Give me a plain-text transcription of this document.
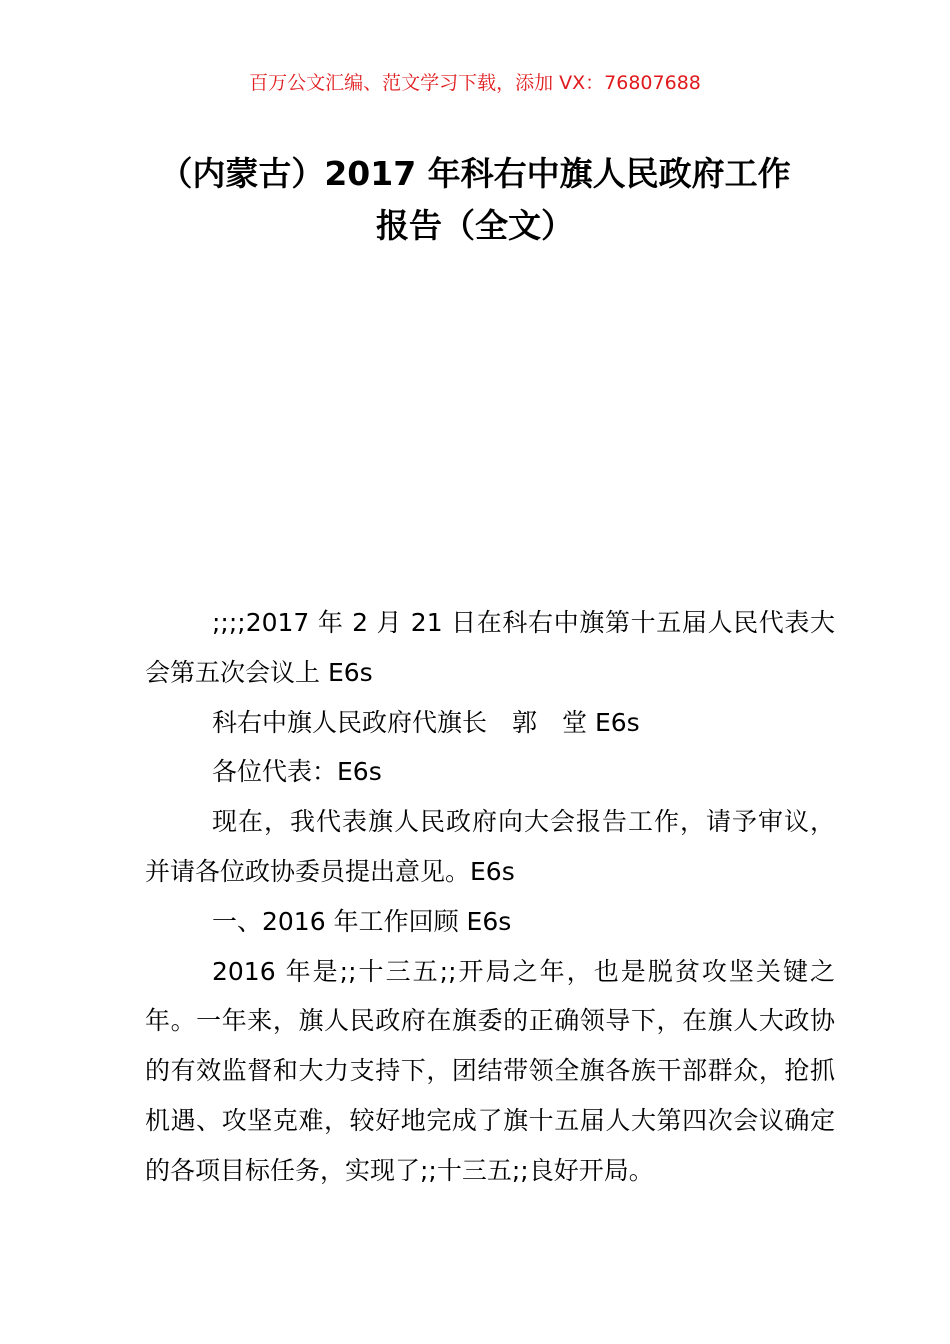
百万公文汇编、范文学习下载，添加 VX：76807688
（内蒙古）2017 年科右中旗人民政府工作
报告（全文）

;;;;2017 年 2 月 21 日在科右中旗第十五届人民代表大会第五次会议上 E6s

科右中旗人民政府代旗长　郭　堂 E6s

各位代表：E6s

现在，我代表旗人民政府向大会报告工作，请予审议，并请各位政协委员提出意见。E6s

一、2016 年工作回顾 E6s

2016 年是;;十三五;;开局之年，也是脱贫攻坚关键之年。一年来，旗人民政府在旗委的正确领导下，在旗人大政协的有效监督和大力支持下，团结带领全旗各族干部群众，抢抓机遇、攻坚克难，较好地完成了旗十五届人大第四次会议确定的各项目标任务，实现了;;十三五;;良好开局。
